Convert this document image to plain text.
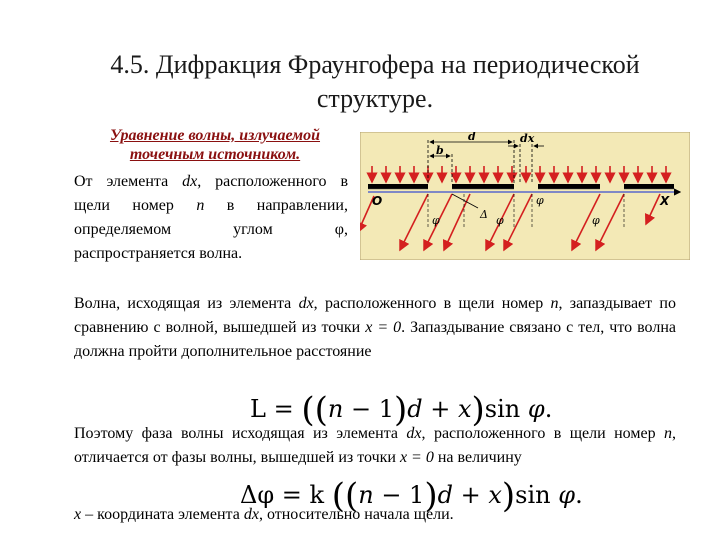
4.5. Дифракция Фраунгофера на периодической
структуре.
Уравнение волны, излучаемой
точечным источником.
От элемента dx, расположенного в щели номер n в направлении, определяемом углом φ, распространяется волна.
d
b
dx
O	X
Δ
φ	φ
φ
φ
Волна, исходящая из элемента dx, расположенного в щели номер n, запаздывает по сравнению с волной, вышедшей из точки x = 0. Запаздывание связано с тел, что волна должна пройти дополнительное расстояние
L = ((n − 1)d + x)sin φ.
Поэтому фаза волны исходящая из элемента dx, расположенного в щели номер n, отличается от фазы волны, вышедшей из точки x = 0 на величину
Δφ = k ((n − 1)d + x)sin φ.
x – координата элемента dx, относительно начала щели.
